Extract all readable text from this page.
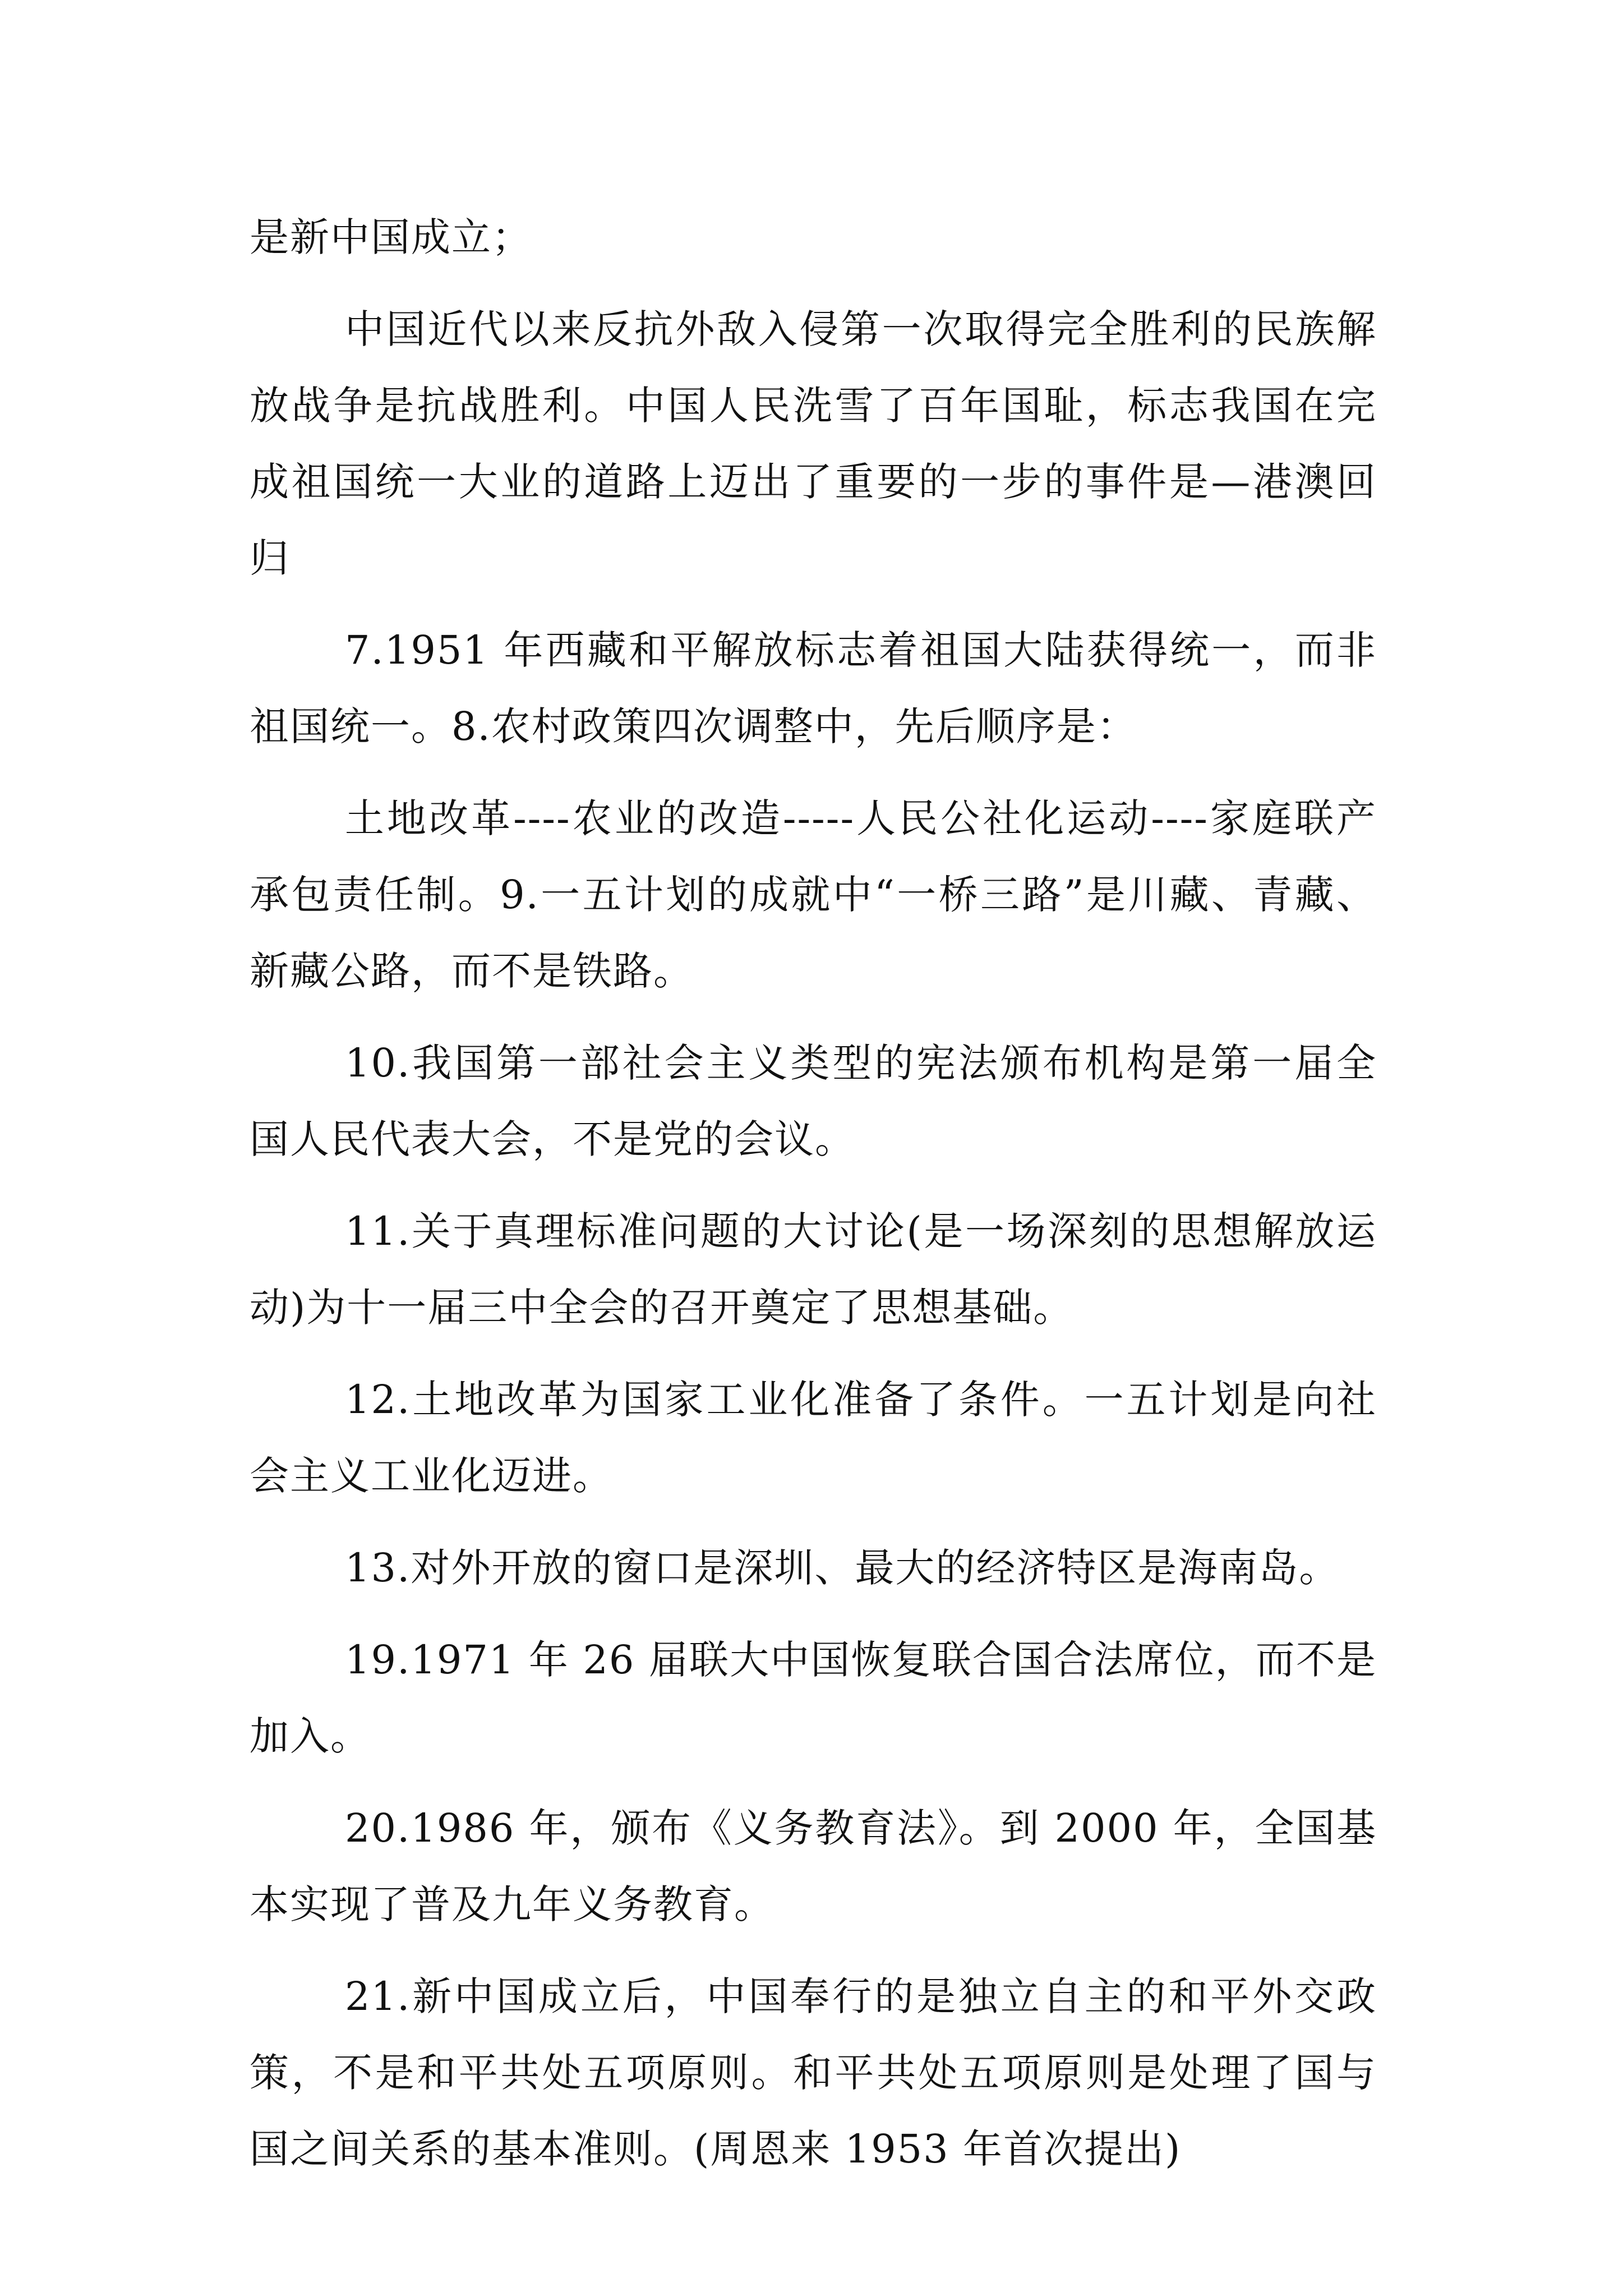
是新中国成立；

中国近代以来反抗外敌入侵第一次取得完全胜利的民族解放战争是抗战胜利。中国人民洗雪了百年国耻，标志我国在完成祖国统一大业的道路上迈出了重要的一步的事件是—港澳回归

7.1951 年西藏和平解放标志着祖国大陆获得统一，而非祖国统一。8.农村政策四次调整中，先后顺序是：

土地改革----农业的改造-----人民公社化运动----家庭联产承包责任制。9.一五计划的成就中“一桥三路”是川藏、青藏、新藏公路，而不是铁路。

10.我国第一部社会主义类型的宪法颁布机构是第一届全国人民代表大会，不是党的会议。

11.关于真理标准问题的大讨论(是一场深刻的思想解放运动)为十一届三中全会的召开奠定了思想基础。

12.土地改革为国家工业化准备了条件。一五计划是向社会主义工业化迈进。

13.对外开放的窗口是深圳、最大的经济特区是海南岛。

19.1971 年 26 届联大中国恢复联合国合法席位，而不是加入。

20.1986 年，颁布《义务教育法》。到 2000 年，全国基本实现了普及九年义务教育。

21.新中国成立后，中国奉行的是独立自主的和平外交政策，不是和平共处五项原则。和平共处五项原则是处理了国与国之间关系的基本准则。(周恩来 1953 年首次提出)
